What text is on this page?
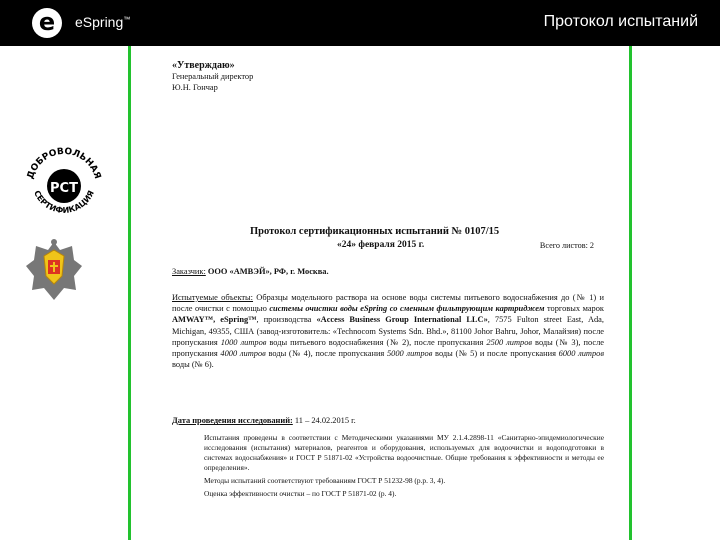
e	eSpring™	Протокол испытаний
ДОБРОВОЛЬНАЯ
СЕРТИФИКАЦИЯ
РСТ

«Утверждаю»

Генеральный директор

Ю.Н. Гончар

Протокол сертификационных испытаний № 0107/15
«24» февраля 2015 г.	Всего листов: 2
Заказчик: ООО «АМВЭЙ», РФ, г. Москва.
Испытуемые объекты: Образцы модельного раствора на основе воды системы питьевого водоснабжения до (№ 1) и после очистки с помощью системы очистки воды eSpring со сменным фильтрующим картриджем торговых марок AMWAY™, eSpring™, производства «Access Business Group International LLC», 7575 Fulton street East, Ada, Michigan, 49355, США (завод-изготовитель: «Technocom Systems Sdn. Bhd.», 81100 Johor Bahru, Johor, Малайзия) после пропускания 1000 литров воды питьевого водоснабжения (№ 2), после пропускания 2500 литров воды (№ 3), после пропускания 4000 литров воды (№ 4), после пропускания 5000 литров воды (№ 5) и после пропускания 6000 литров воды (№ 6).
Дата проведения исследований: 11 – 24.02.2015 г.

Испытания проведены в соответствии с Методическими указаниями МУ 2.1.4.2898-11 «Санитарно-эпидемиологические исследования (испытания) материалов, реагентов и оборудования, используемых для водоочистки и водоподготовки в системах водоснабжения» и ГОСТ Р 51871-02 «Устройства водоочистные. Общие требования к эффективности и методы ее определения».

Методы испытаний соответствуют требованиям ГОСТ Р 51232-98 (р.р. 3, 4).

Оценка эффективности очистки – по ГОСТ Р 51871-02 (р. 4).
